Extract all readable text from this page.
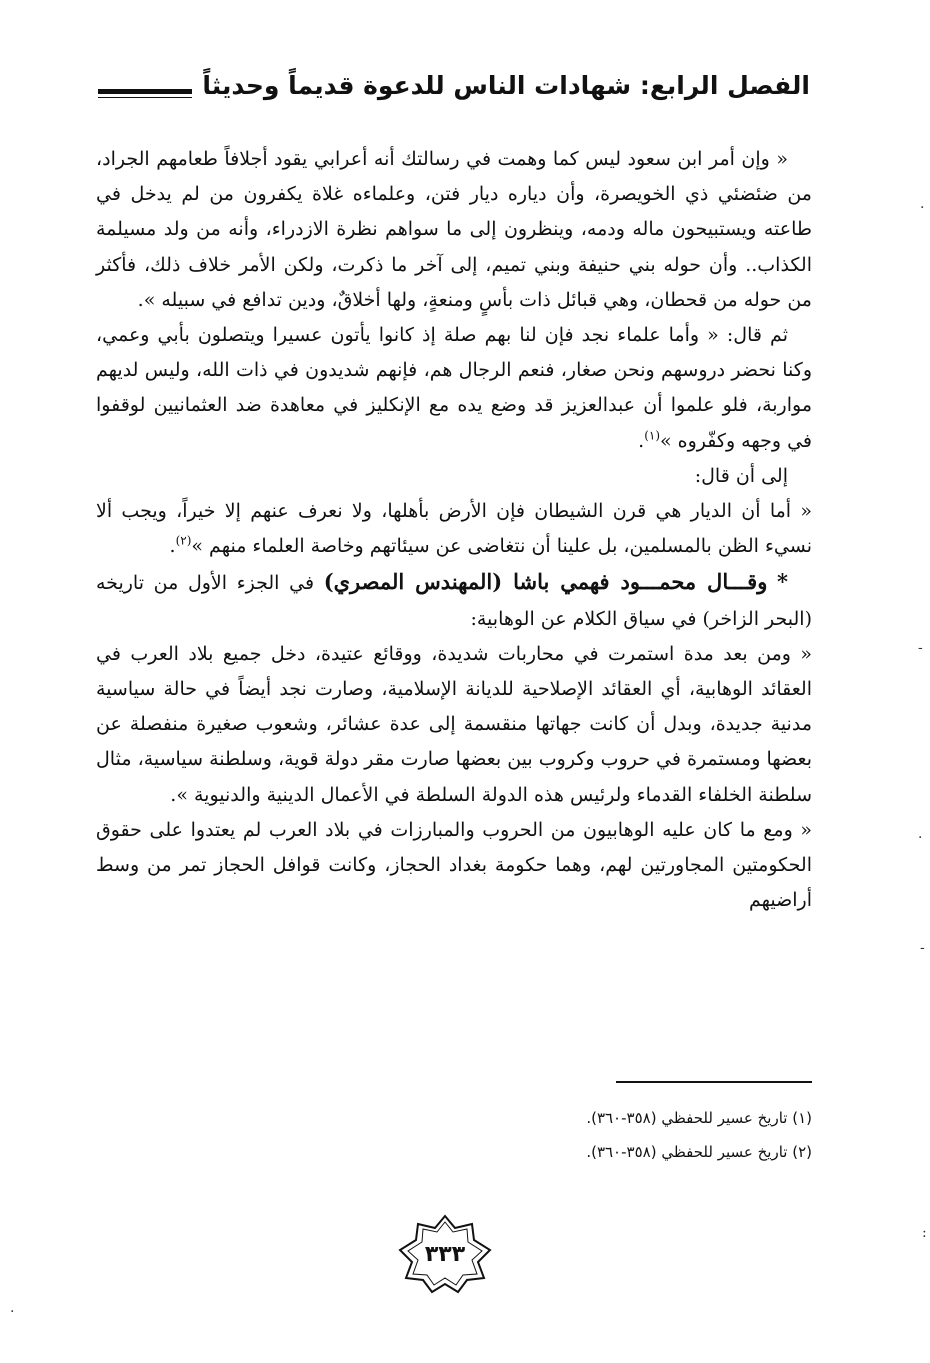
الفصل الرابع: شهادات الناس للدعوة قديماً وحديثاً

« وإن أمر ابن سعود ليس كما وهمت في رسالتك أنه أعرابي يقود أجلافاً طعامهم الجراد، من ضئضئي ذي الخويصرة، وأن دياره ديار فتن، وعلماءه غلاة يكفرون من لم يدخل في طاعته ويستبيحون ماله ودمه، وينظرون إلى ما سواهم نظرة الازدراء، وأنه من ولد مسيلمة الكذاب.. وأن حوله بني حنيفة وبني تميم، إلى آخر ما ذكرت، ولكن الأمر خلاف ذلك، فأكثر من حوله من قحطان، وهي قبائل ذات بأسٍ ومنعةٍ، ولها أخلاقٌ، ودين تدافع في سبيله ».

ثم قال: « وأما علماء نجد فإن لنا بهم صلة إذ كانوا يأتون عسيرا ويتصلون بأبي وعمي، وكنا نحضر دروسهم ونحن صغار، فنعم الرجال هم، فإنهم شديدون في ذات الله، وليس لديهم مواربة، فلو علموا أن عبدالعزيز قد وضع يده مع الإنكليز في معاهدة ضد العثمانيين لوقفوا في وجهه وكفّروه »$^{(١)}$.

إلى أن قال:

« أما أن الديار هي قرن الشيطان فإن الأرض بأهلها، ولا نعرف عنهم إلا خيراً، ويجب ألا نسيء الظن بالمسلمين، بل علينا أن نتغاضى عن سيئاتهم وخاصة العلماء منهم »$^{(٢)}$.

* وقـــال محمـــود فهمي باشا (المهندس المصري) في الجزء الأول من تاريخه (البحر الزاخر) في سياق الكلام عن الوهابية:

« ومن بعد مدة استمرت في محاربات شديدة، ووقائع عتيدة، دخل جميع بلاد العرب في العقائد الوهابية، أي العقائد الإصلاحية للديانة الإسلامية، وصارت نجد أيضاً في حالة سياسية مدنية جديدة، وبدل أن كانت جهاتها منقسمة إلى عدة عشائر، وشعوب صغيرة منفصلة عن بعضها ومستمرة في حروب وكروب بين بعضها صارت مقر دولة قوية، وسلطنة سياسية، مثال سلطنة الخلفاء القدماء ولرئيس هذه الدولة السلطة في الأعمال الدينية والدنيوية ».

« ومع ما كان عليه الوهابيون من الحروب والمبارزات في بلاد العرب لم يعتدوا على حقوق الحكومتين المجاورتين لهم، وهما حكومة بغداد الحجاز، وكانت قوافل الحجاز تمر من وسط أراضيهم

(١) تاريخ عسير للحفظي (٣٥٨-٣٦٠).

(٢) تاريخ عسير للحفظي (٣٥٨-٣٦٠).

٣٣٣
·
-
·
:
.
-
